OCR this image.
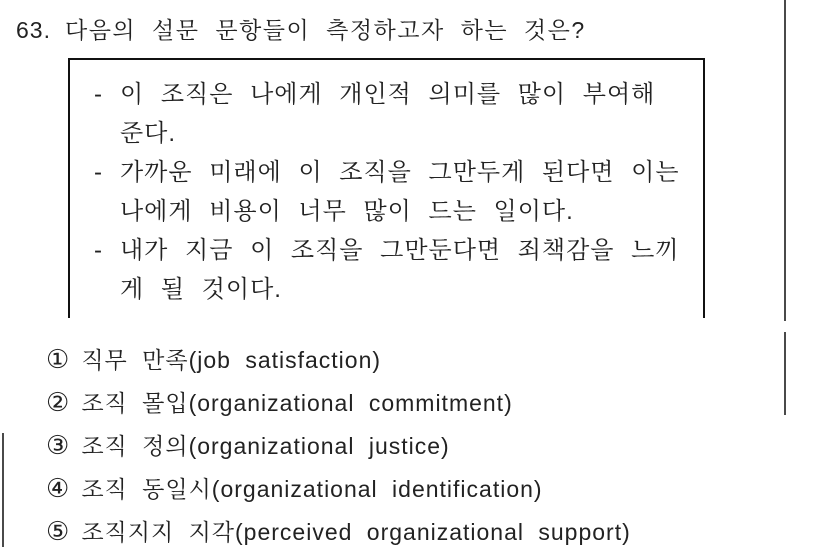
63. 다음의 설문 문항들이 측정하고자 하는 것은?
- 이 조직은 나에게 개인적 의미를 많이 부여해
준다.
- 가까운 미래에 이 조직을 그만두게 된다면 이는
나에게 비용이 너무 많이 드는 일이다.
- 내가 지금 이 조직을 그만둔다면 죄책감을 느끼
게 될 것이다.
① 직무 만족(job satisfaction)
② 조직 몰입(organizational commitment)
③ 조직 정의(organizational justice)
④ 조직 동일시(organizational identification)
⑤ 조직지지 지각(perceived organizational support)
